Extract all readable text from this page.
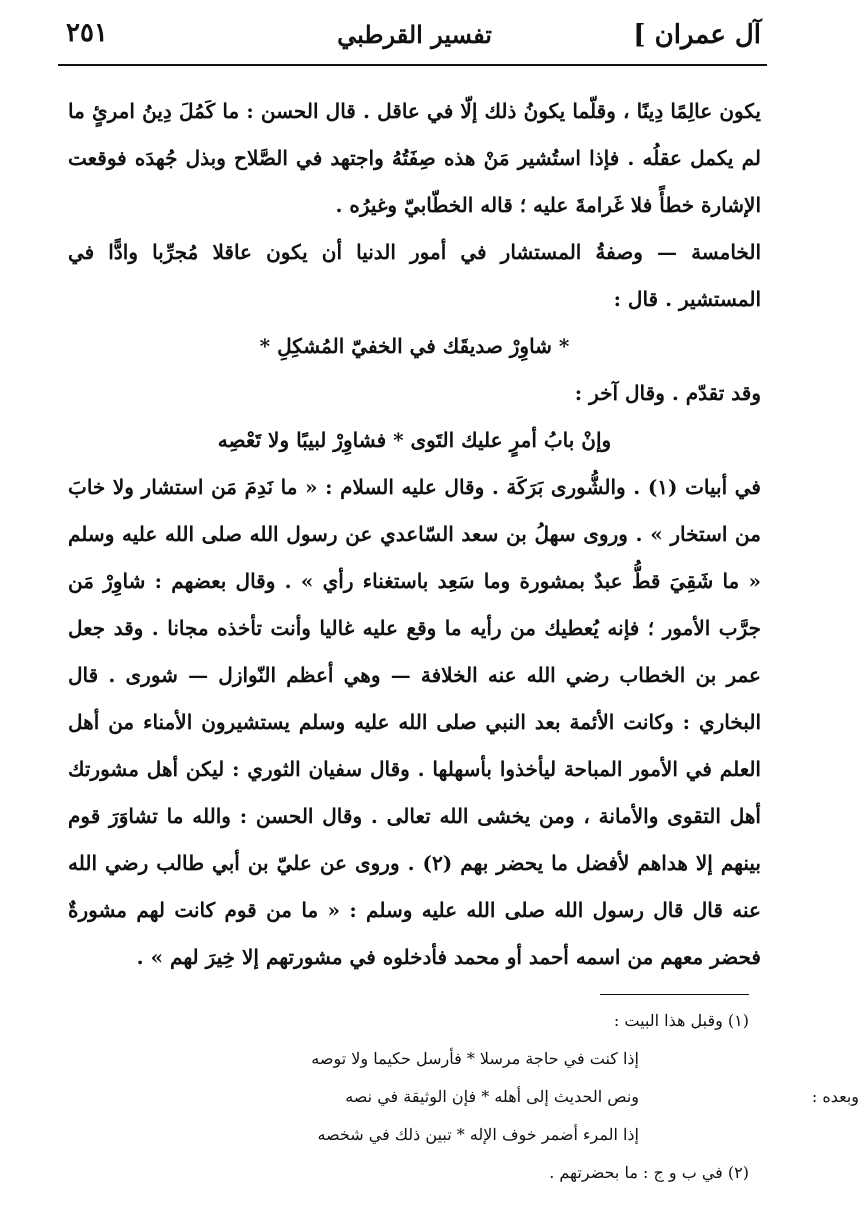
آل عمران ]
تفسير القرطبي
٢٥١

يكون عالِمًا دِينًا ، وقلّما يكونُ ذلك إلّا في عاقل . قال الحسن : ما كَمُلَ دِينُ امرئٍ ما لم يكمل عقلُه . فإذا استُشير مَنْ هذه صِفَتُهُ واجتهد في الصَّلاح وبذل جُهدَه فوقعت الإشارة خطأً فلا غَرامةَ عليه ؛ قاله الخطّابيّ وغيرُه .

الخامسة — وصفةُ المستشار في أمور الدنيا أن يكون عاقلا مُجرِّبا وادًّا في المستشير . قال :

* شاوِرْ صديقَك في الخفيّ المُشكِلِ *

وقد تقدّم . وقال آخر :

وإنْ بابُ أمرٍ عليك التَوى * فشاوِرْ لبيبًا ولا تَعْصِه

في أبيات (١) . والشُّورى بَرَكَة . وقال عليه السلام : « ما نَدِمَ مَن استشار ولا خابَ من استخار » . وروى سهلُ بن سعد السّاعدي عن رسول الله صلى الله عليه وسلم « ما شَقِيَ قطُّ عبدٌ بمشورة وما سَعِد باستغناء رأي » . وقال بعضهم : شاوِرْ مَن جرَّب الأمور ؛ فإنه يُعطيك من رأيه ما وقع عليه غاليا وأنت تأخذه مجانا . وقد جعل عمر بن الخطاب رضي الله عنه الخلافة — وهي أعظم النّوازل — شورى . قال البخاري : وكانت الأئمة بعد النبي صلى الله عليه وسلم يستشيرون الأمناء من أهل العلم في الأمور المباحة ليأخذوا بأسهلها . وقال سفيان الثوري : ليكن أهل مشورتك أهل التقوى والأمانة ، ومن يخشى الله تعالى . وقال الحسن : والله ما تشاوَرَ قوم بينهم إلا هداهم لأفضل ما يحضر بهم (٢) . وروى عن عليّ بن أبي طالب رضي الله عنه قال قال رسول الله صلى الله عليه وسلم : « ما من قوم كانت لهم مشورةٌ فحضر معهم من اسمه أحمد أو محمد فأدخلوه في مشورتهم إلا خِيرَ لهم » .

(١) وقبل هذا البيت :

إذا كنت في حاجة مرسلا * فأرسل حكيما ولا توصه

وبعده :ونص الحديث إلى أهله * فإن الوثيقة في نصه

إذا المرء أضمر خوف الإله * تبين ذلك في شخصه

(٢) في ب و ج : ما بحضرتهم .
